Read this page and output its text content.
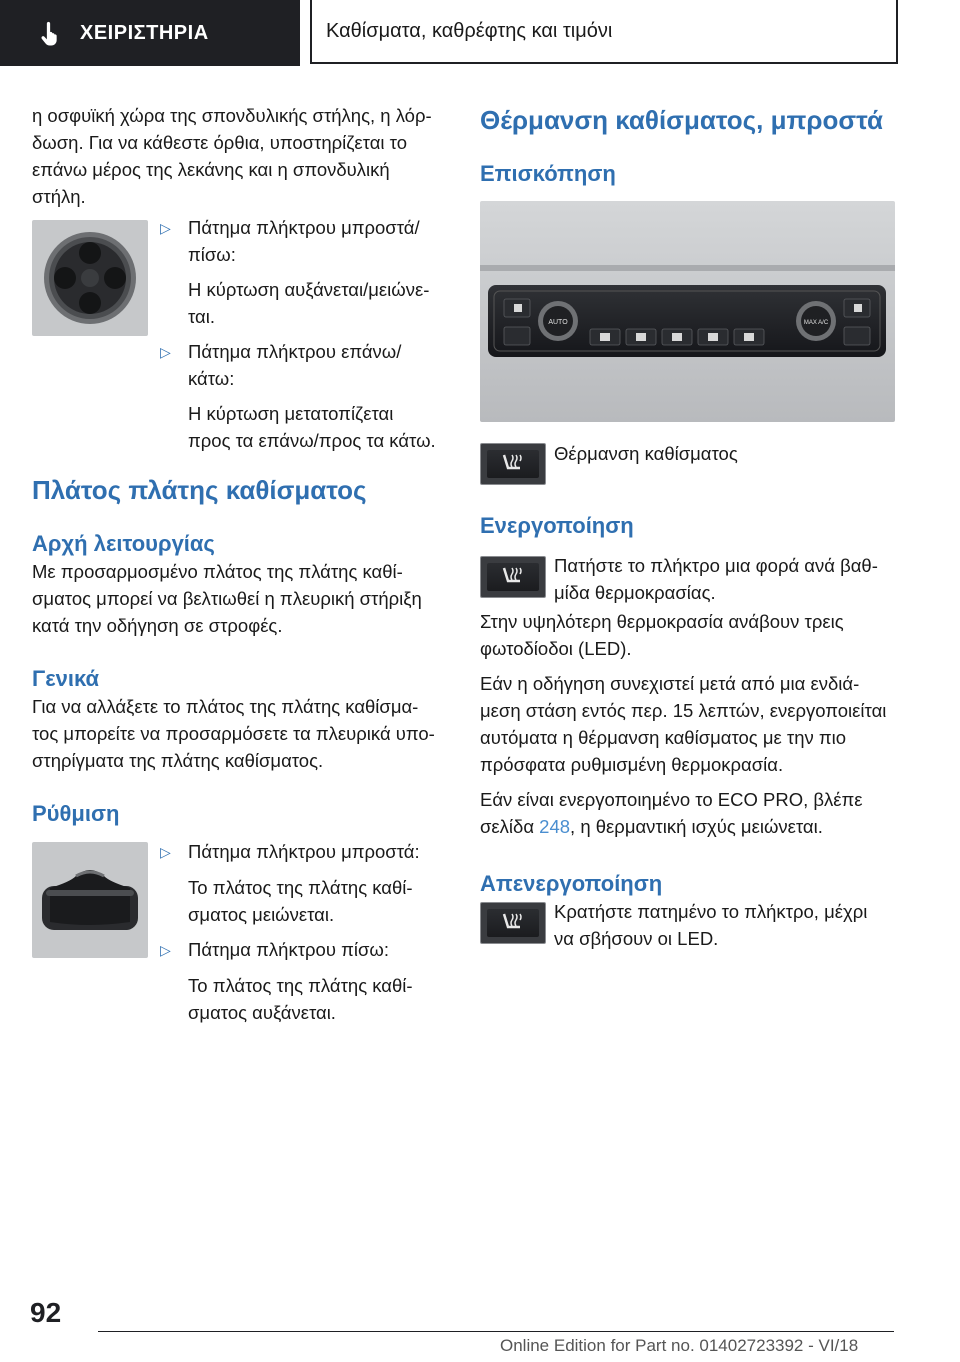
ΧΕΙΡΙΣΤΗΡΙΑ	Καθίσματα, καθρέφτης και τιμόνι

η οσφυϊκή χώρα της σπονδυλικής στήλης, η λόρ-

δωση. Για να κάθεστε όρθια, υποστηρίζεται το

επάνω μέρος της λεκάνης και η σπονδυλική

στήλη.

▷ Πάτημα πλήκτρου μπροστά/

πίσω:

Η κύρτωση αυξάνεται/μειώνε-

ται.

▷ Πάτημα πλήκτρου επάνω/

κάτω:

Η κύρτωση μετατοπίζεται

προς τα επάνω/προς τα κάτω.

Πλάτος πλάτης καθίσματος

Αρχή λειτουργίας

Με προσαρμοσμένο πλάτος της πλάτης καθί-

σματος μπορεί να βελτιωθεί η πλευρική στήριξη

κατά την οδήγηση σε στροφές.

Γενικά

Για να αλλάξετε το πλάτος της πλάτης καθίσμα-

τος μπορείτε να προσαρμόσετε τα πλευρικά υπο-

στηρίγματα της πλάτης καθίσματος.

Ρύθμιση

▷ Πάτημα πλήκτρου μπροστά:

Το πλάτος της πλάτης καθί-

σματος μειώνεται.

▷ Πάτημα πλήκτρου πίσω:

Το πλάτος της πλάτης καθί-

σματος αυξάνεται.

Θέρμανση καθίσματος, μπροστά

Επισκόπηση

AUTO	MAX A/C

Θέρμανση καθίσματος

Ενεργοποίηση

Πατήστε το πλήκτρο μια φορά ανά βαθ-

μίδα θερμοκρασίας.

Στην υψηλότερη θερμοκρασία ανάβουν τρεις

φωτοδίοδοι (LED).

Εάν η οδήγηση συνεχιστεί μετά από μια ενδιά-

μεση στάση εντός περ. 15 λεπτών, ενεργοποιείται

αυτόματα η θέρμανση καθίσματος με την πιο

πρόσφατα ρυθμισμένη θερμοκρασία.

Εάν είναι ενεργοποιημένο το ECO PRO, βλέπε

σελίδα 248, η θερμαντική ισχύς μειώνεται.

Απενεργοποίηση

Κρατήστε πατημένο το πλήκτρο, μέχρι

να σβήσουν οι LED.

92
Online Edition for Part no. 01402723392 - VI/18
